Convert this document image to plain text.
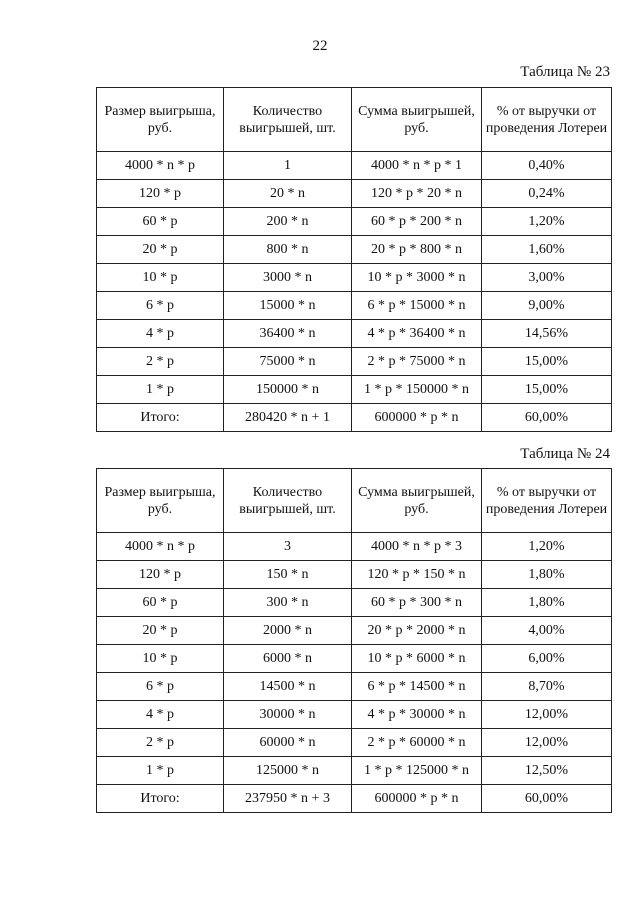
22
Таблица № 23
Размер выигрыша, руб.	Количество выигрышей, шт.	Сумма выигрышей, руб.	% от выручки от проведения Лотереи
4000 * n * p	1	4000 * n * p * 1	0,40%
120 * p	20 * n	120 * p * 20 * n	0,24%
60 * p	200 * n	60 * p * 200 * n	1,20%
20 * p	800 * n	20 * p * 800 * n	1,60%
10 * p	3000 * n	10 * p * 3000 * n	3,00%
6 * p	15000 * n	6 * p * 15000 * n	9,00%
4 * p	36400 * n	4 * p * 36400 * n	14,56%
2 * p	75000 * n	2 * p * 75000 * n	15,00%
1 * p	150000 * n	1 * p * 150000 * n	15,00%
Итого:	280420 * n + 1	600000 * p * n	60,00%
Таблица № 24
Размер выигрыша, руб.	Количество выигрышей, шт.	Сумма выигрышей, руб.	% от выручки от проведения Лотереи
4000 * n * p	3	4000 * n * p * 3	1,20%
120 * p	150 * n	120 * p * 150 * n	1,80%
60 * p	300 * n	60 * p * 300 * n	1,80%
20 * p	2000 * n	20 * p * 2000 * n	4,00%
10 * p	6000 * n	10 * p * 6000 * n	6,00%
6 * p	14500 * n	6 * p * 14500 * n	8,70%
4 * p	30000 * n	4 * p * 30000 * n	12,00%
2 * p	60000 * n	2 * p * 60000 * n	12,00%
1 * p	125000 * n	1 * p * 125000 * n	12,50%
Итого:	237950 * n + 3	600000 * p * n	60,00%
